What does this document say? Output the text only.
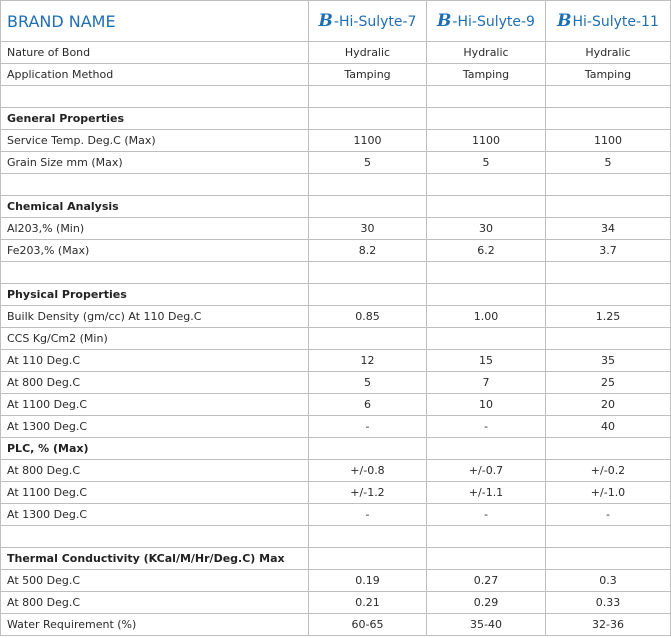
BRAND NAME	B-Hi-Sulyte-7	B-Hi-Sulyte-9	BHi-Sulyte-11
Nature of Bond	Hydralic	Hydralic	Hydralic
Application Method	Tamping	Tamping	Tamping

General Properties			
Service Temp. Deg.C (Max)	1100	1100	1100
Grain Size mm (Max)	5	5	5

Chemical Analysis			
Al203,% (Min)	30	30	34
Fe203,% (Max)	8.2	6.2	3.7

Physical Properties			
Builk Density (gm/cc) At 110 Deg.C	0.85	1.00	1.25
CCS Kg/Cm2 (Min)			
At 110 Deg.C	12	15	35
At 800 Deg.C	5	7	25
At 1100 Deg.C	6	10	20
At 1300 Deg.C	-	-	40
PLC, % (Max)			
At 800 Deg.C	+/-0.8	+/-0.7	+/-0.2
At 1100 Deg.C	+/-1.2	+/-1.1	+/-1.0
At 1300 Deg.C	-	-	-

Thermal Conductivity (KCal/M/Hr/Deg.C) Max			
At 500 Deg.C	0.19	0.27	0.3
At 800 Deg.C	0.21	0.29	0.33
Water Requirement (%)	60-65	35-40	32-36
